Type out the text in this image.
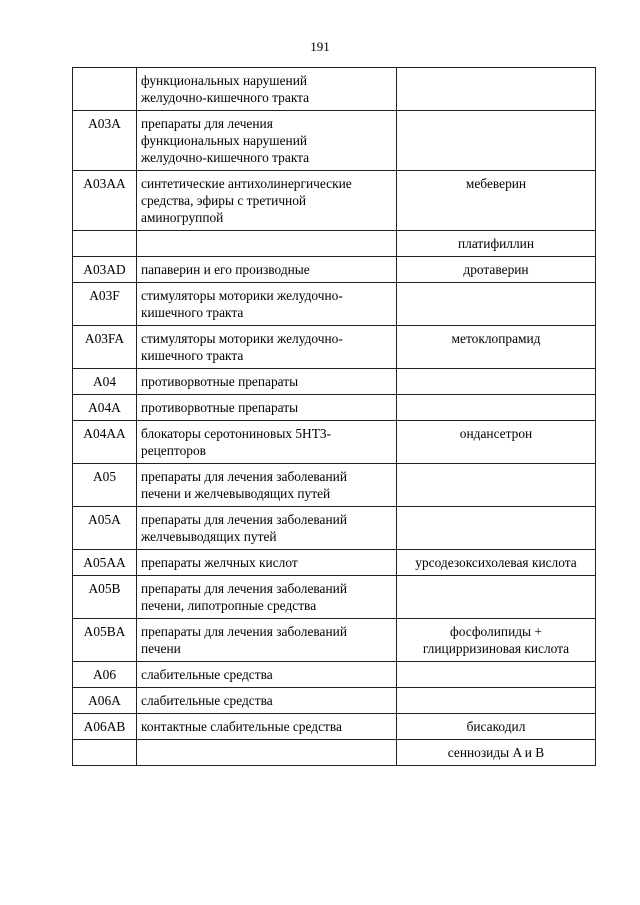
191

	функциональных нарушений
желудочно-кишечного тракта	

A03A	препараты для лечения
функциональных нарушений
желудочно-кишечного тракта	

A03AA	синтетические антихолинергические
средства, эфиры с третичной
аминогруппой	мебеверин

		платифиллин

A03AD	папаверин и его производные	дротаверин

A03F	стимуляторы моторики желудочно-
кишечного тракта	

A03FA	стимуляторы моторики желудочно-
кишечного тракта	метоклопрамид

A04	противорвотные препараты	

A04A	противорвотные препараты	

A04AA	блокаторы серотониновых 5HT3-
рецепторов	ондансетрон

A05	препараты для лечения заболеваний
печени и желчевыводящих путей	

A05A	препараты для лечения заболеваний
желчевыводящих путей	

A05AA	препараты желчных кислот	урсодезоксихолевая кислота

A05B	препараты для лечения заболеваний
печени, липотропные средства	

A05BA	препараты для лечения заболеваний
печени	фосфолипиды +
глицирризиновая кислота

A06	слабительные средства	

A06A	слабительные средства	

A06AB	контактные слабительные средства	бисакодил

		сеннозиды A и B
